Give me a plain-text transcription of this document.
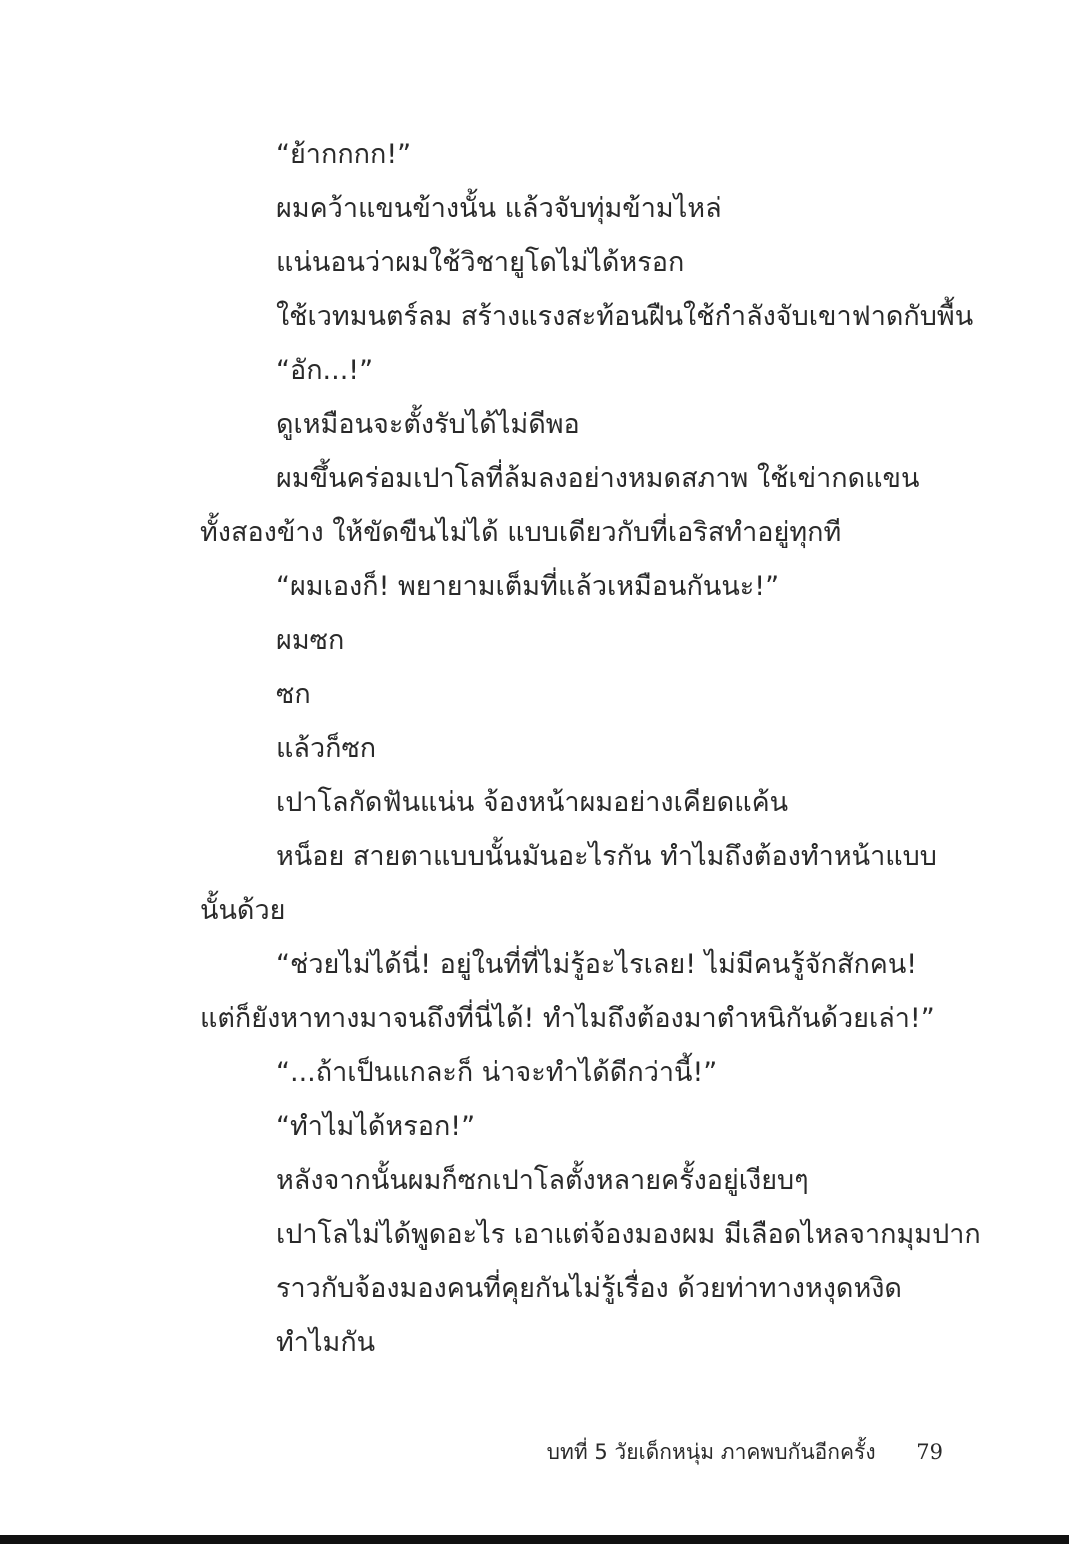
“ย้ากกกก!”

ผมคว้าแขนข้างนั้น แล้วจับทุ่มข้ามไหล่

แน่นอนว่าผมใช้วิชายูโดไม่ได้หรอก

ใช้เวทมนตร์ลม สร้างแรงสะท้อนฝืนใช้กำลังจับเขาฟาดกับพื้น

“อัก...!”

ดูเหมือนจะตั้งรับได้ไม่ดีพอ

ผมขึ้นคร่อมเปาโลที่ล้มลงอย่างหมดสภาพ ใช้เข่ากดแขนทั้งสองข้าง ให้ขัดขืนไม่ได้ แบบเดียวกับที่เอริสทำอยู่ทุกที

“ผมเองก็! พยายามเต็มที่แล้วเหมือนกันนะ!”

ผมซก

ซก

แล้วก็ซก

เปาโลกัดฟันแน่น จ้องหน้าผมอย่างเคียดแค้น

หน็อย สายตาแบบนั้นมันอะไรกัน ทำไมถึงต้องทำหน้าแบบนั้นด้วย

“ช่วยไม่ได้นี่! อยู่ในที่ที่ไม่รู้อะไรเลย! ไม่มีคนรู้จักสักคน! แต่ก็ยังหาทางมาจนถึงที่นี่ได้! ทำไมถึงต้องมาตำหนิกันด้วยเล่า!”

“...ถ้าเป็นแกละก็ น่าจะทำได้ดีกว่านี้!”

“ทำไมได้หรอก!”

หลังจากนั้นผมก็ซกเปาโลตั้งหลายครั้งอยู่เงียบๆ

เปาโลไม่ได้พูดอะไร เอาแต่จ้องมองผม มีเลือดไหลจากมุมปาก

ราวกับจ้องมองคนที่คุยกันไม่รู้เรื่อง ด้วยท่าทางหงุดหงิด

ทำไมกัน

บทที่ 5 วัยเด็กหนุ่ม ภาคพบกันอีกครั้ง 79
